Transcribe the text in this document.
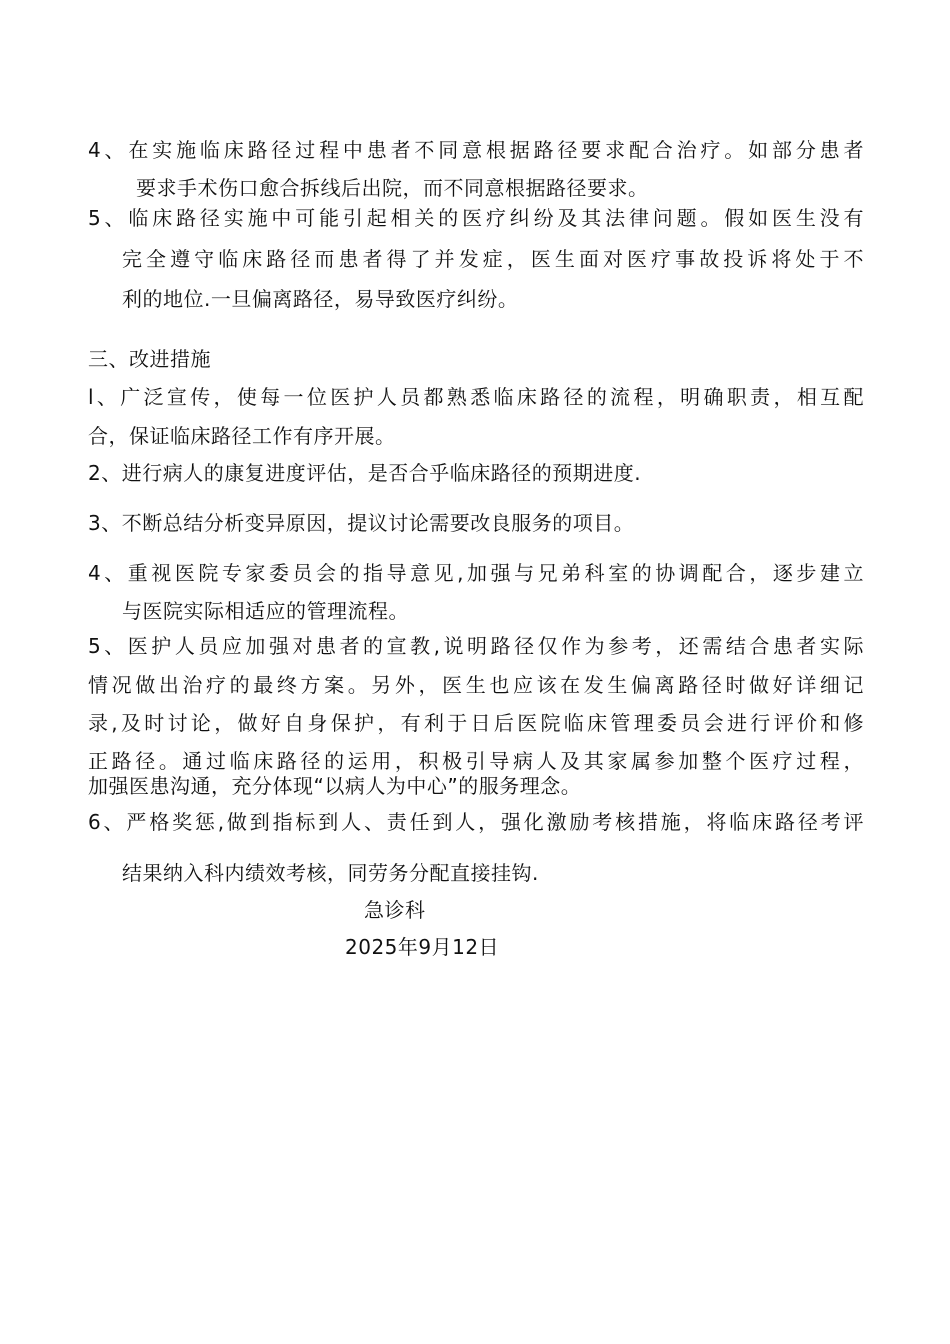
4、在实施临床路径过程中患者不同意根据路径要求配合治疗。如部分患者
要求手术伤口愈合拆线后出院，而不同意根据路径要求。
5、临床路径实施中可能引起相关的医疗纠纷及其法律问题。假如医生没有
完全遵守临床路径而患者得了并发症，医生面对医疗事故投诉将处于不
利的地位.一旦偏离路径，易导致医疗纠纷。
三、改进措施
l、广泛宣传，使每一位医护人员都熟悉临床路径的流程，明确职责，相互配
合，保证临床路径工作有序开展。
2、进行病人的康复进度评估，是否合乎临床路径的预期进度.
3、不断总结分析变异原因，提议讨论需要改良服务的项目。
4、重视医院专家委员会的指导意见,加强与兄弟科室的协调配合，逐步建立
与医院实际相适应的管理流程。
5、医护人员应加强对患者的宣教,说明路径仅作为参考，还需结合患者实际
情况做出治疗的最终方案。另外，医生也应该在发生偏离路径时做好详细记
录,及时讨论，做好自身保护，有利于日后医院临床管理委员会进行评价和修
正路径。通过临床路径的运用，积极引导病人及其家属参加整个医疗过程，
加强医患沟通，充分体现“以病人为中心”的服务理念。
6、严格奖惩,做到指标到人、责任到人，强化激励考核措施，将临床路径考评
结果纳入科内绩效考核，同劳务分配直接挂钩.
急诊科
2025年9月12日
